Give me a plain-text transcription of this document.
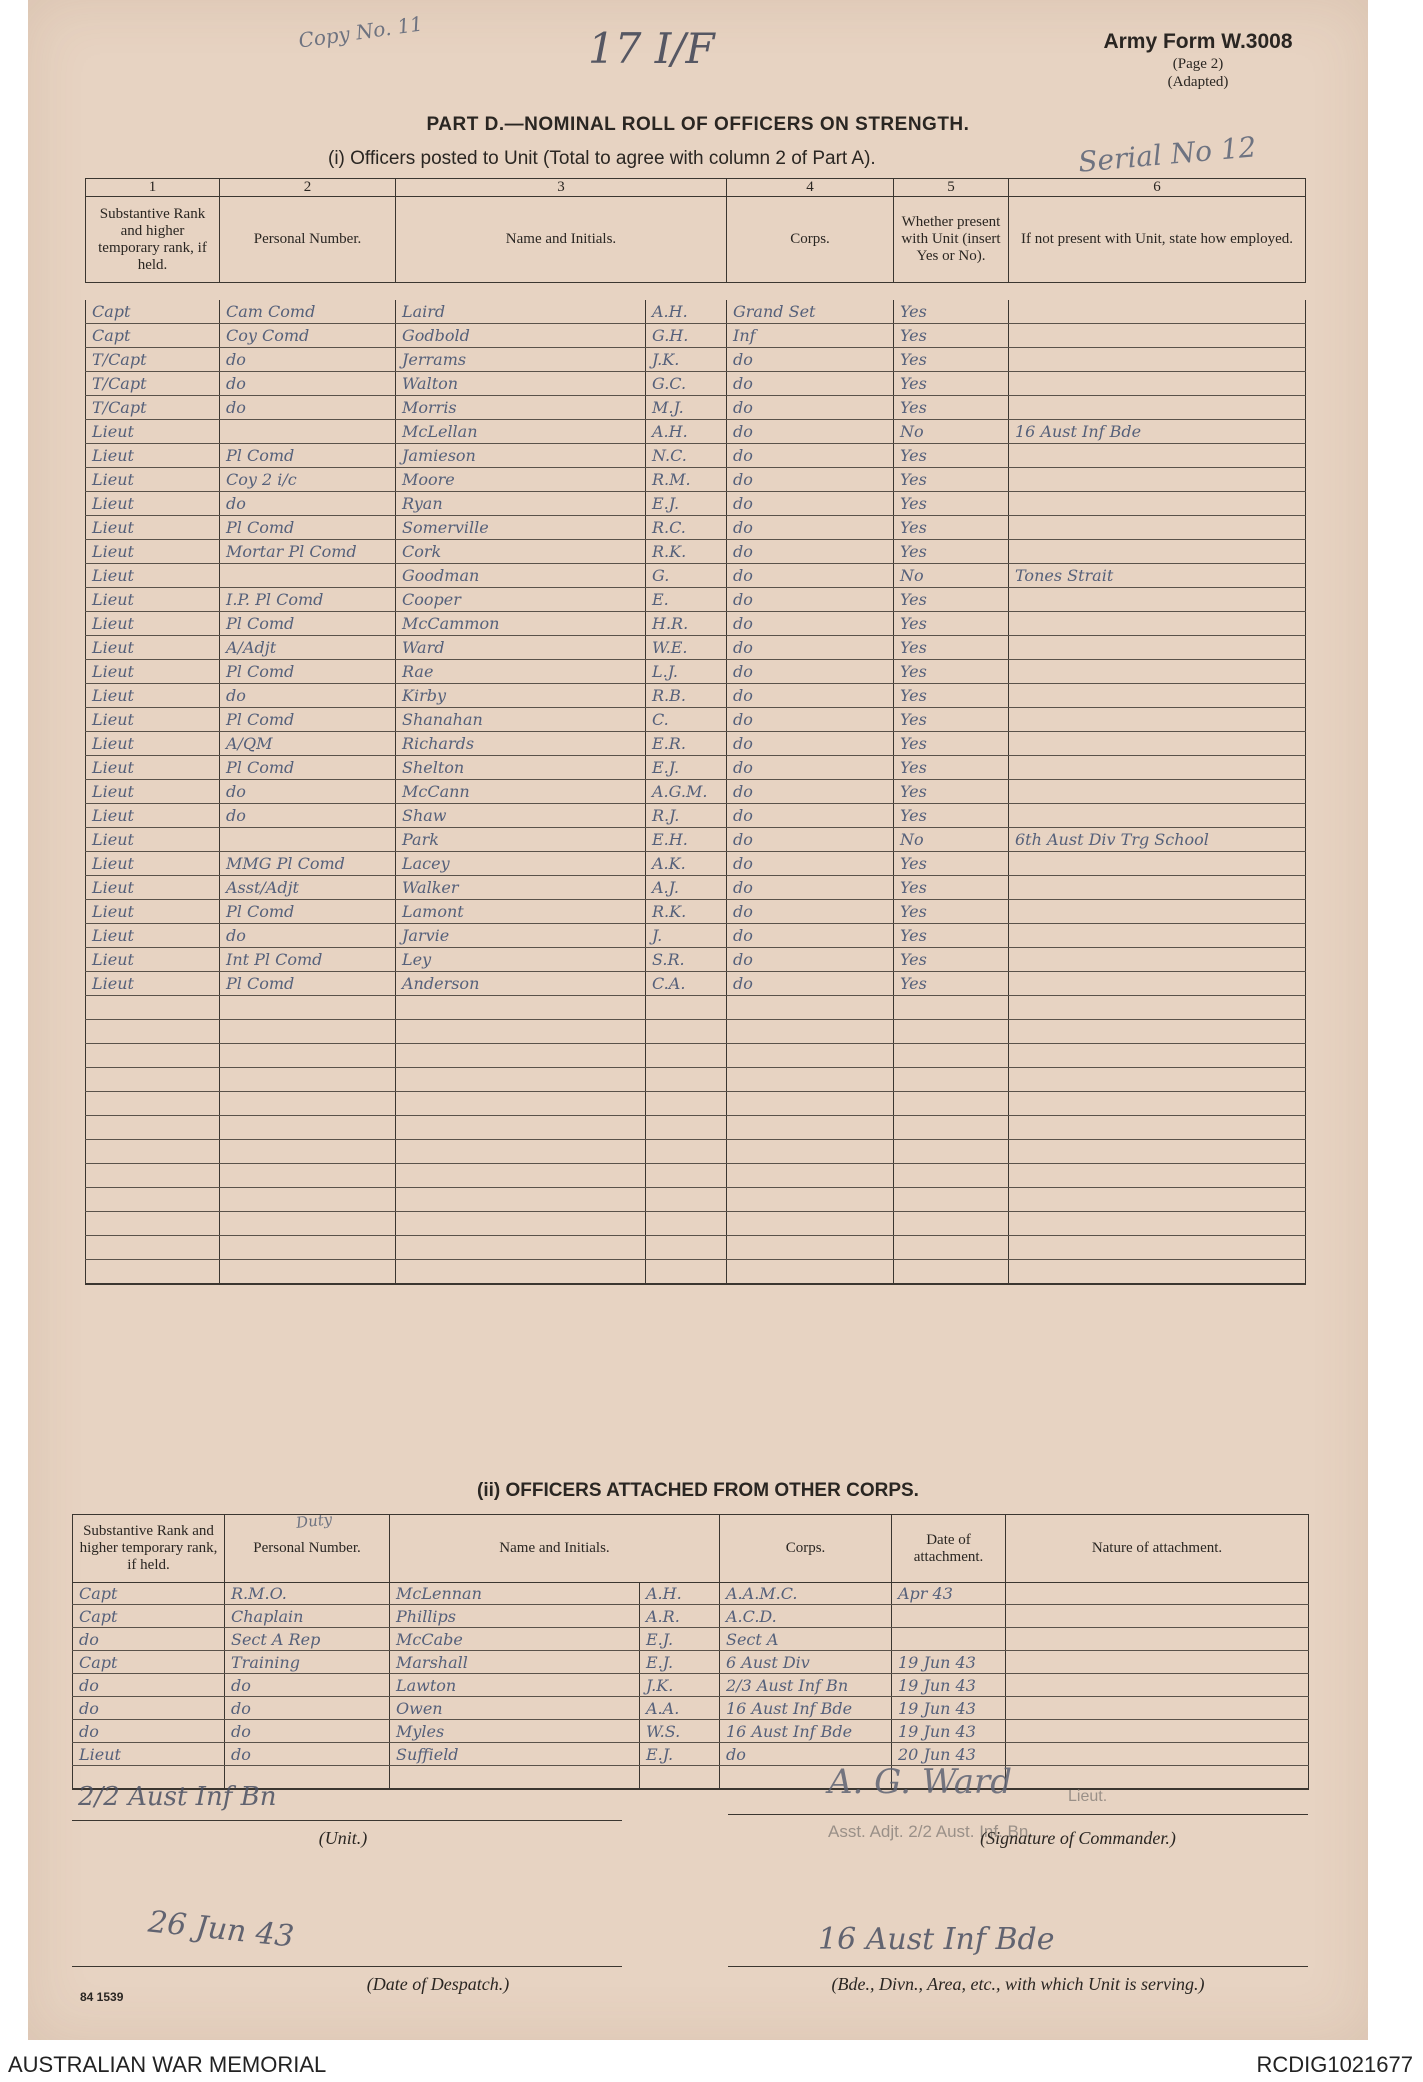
Army Form W.3008
(Page 2)
(Adapted)
Copy No. 11	17 I/F
Serial No 12
PART D.—NOMINAL ROLL OF OFFICERS ON STRENGTH.
(i) Officers posted to Unit (Total to agree with column 2 of Part A).
1	2	3	4	5	6
Substantive Rank and higher temporary rank, if held.	Personal Number.	Name and Initials.	Corps.	Whether present with Unit (insert Yes or No).	If not present with Unit, state how employed.
Capt	Cam Comd	Laird	A.H.	Grand Set	Yes	
Capt	Coy Comd	Godbold	G.H.	Inf	Yes	
T/Capt	do	Jerrams	J.K.	do	Yes	
T/Capt	do	Walton	G.C.	do	Yes	
T/Capt	do	Morris	M.J.	do	Yes	
Lieut		McLellan	A.H.	do	No	16 Aust Inf Bde
Lieut	Pl Comd	Jamieson	N.C.	do	Yes	
Lieut	Coy 2 i/c	Moore	R.M.	do	Yes	
Lieut	do	Ryan	E.J.	do	Yes	
Lieut	Pl Comd	Somerville	R.C.	do	Yes	
Lieut	Mortar Pl Comd	Cork	R.K.	do	Yes	
Lieut		Goodman	G.	do	No	Tones Strait
Lieut	I.P. Pl Comd	Cooper	E.	do	Yes	
Lieut	Pl Comd	McCammon	H.R.	do	Yes	
Lieut	A/Adjt	Ward	W.E.	do	Yes	
Lieut	Pl Comd	Rae	L.J.	do	Yes	
Lieut	do	Kirby	R.B.	do	Yes	
Lieut	Pl Comd	Shanahan	C.	do	Yes	
Lieut	A/QM	Richards	E.R.	do	Yes	
Lieut	Pl Comd	Shelton	E.J.	do	Yes	
Lieut	do	McCann	A.G.M.	do	Yes	
Lieut	do	Shaw	R.J.	do	Yes	
Lieut		Park	E.H.	do	No	6th Aust Div Trg School
Lieut	MMG Pl Comd	Lacey	A.K.	do	Yes	
Lieut	Asst/Adjt	Walker	A.J.	do	Yes	
Lieut	Pl Comd	Lamont	R.K.	do	Yes	
Lieut	do	Jarvie	J.	do	Yes	
Lieut	Int Pl Comd	Ley	S.R.	do	Yes	
Lieut	Pl Comd	Anderson	C.A.	do	Yes	

(ii) OFFICERS ATTACHED FROM OTHER CORPS.
Duty
Substantive Rank and higher temporary rank, if held.	Personal Number.	Name and Initials.	Corps.	Date of attachment.	Nature of attachment.
Capt	R.M.O.	McLennan	A.H.	A.A.M.C.	Apr 43	
Capt	Chaplain	Phillips	A.R.	A.C.D.		
do	Sect A Rep	McCabe	E.J.	Sect A		
Capt	Training	Marshall	E.J.	6 Aust Div	19 Jun 43	
do	do	Lawton	J.K.	2/3 Aust Inf Bn	19 Jun 43	
do	do	Owen	A.A.	16 Aust Inf Bde	19 Jun 43	
do	do	Myles	W.S.	16 Aust Inf Bde	19 Jun 43	
Lieut	do	Suffield	E.J.	do	20 Jun 43	

2/2 Aust Inf Bn
(Unit.)
A. G. Ward	Lieut.
Asst. Adjt. 2/2 Aust. Inf. Bn.
(Signature of Commander.)
26 Jun 43
(Date of Despatch.)
16 Aust Inf Bde
(Bde., Divn., Area, etc., with which Unit is serving.)
84 1539
AUSTRALIAN WAR MEMORIAL	RCDIG1021677
